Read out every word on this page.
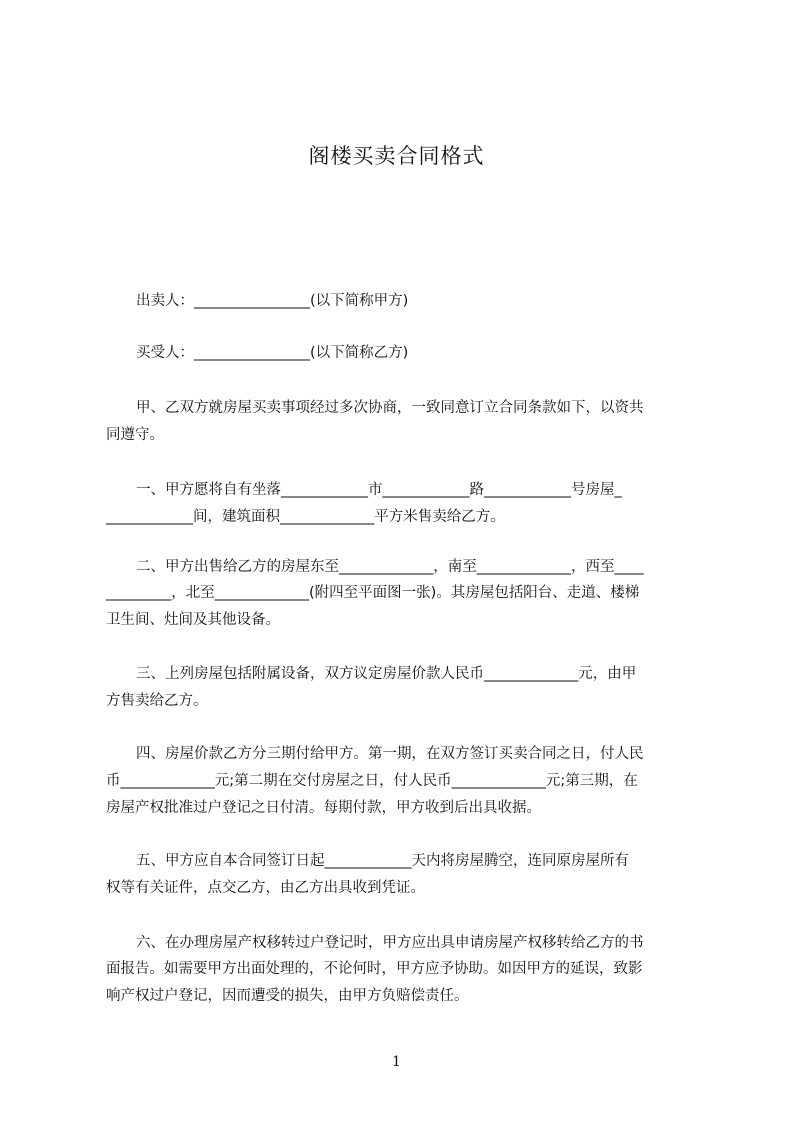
阁楼买卖合同格式
出卖人：________________(以下简称甲方)
买受人：________________(以下简称乙方)
甲、乙双方就房屋买卖事项经过多次协商，一致同意订立合同条款如下，以资共
同遵守。
一、甲方愿将自有坐落____________市____________路____________号房屋_
____________间，建筑面积_____________平方米售卖给乙方。
二、甲方出售给乙方的房屋东至_____________，南至_____________，西至____
_________，北至_____________(附四至平面图一张)。其房屋包括阳台、走道、楼梯
卫生间、灶间及其他设备。
三、上列房屋包括附属设备，双方议定房屋价款人民币_____________元，由甲
方售卖给乙方。
四、房屋价款乙方分三期付给甲方。第一期，在双方签订买卖合同之日，付人民
币_____________元;第二期在交付房屋之日，付人民币_____________元;第三期，在
房屋产权批准过户登记之日付清。每期付款，甲方收到后出具收据。
五、甲方应自本合同签订日起____________天内将房屋腾空，连同原房屋所有
权等有关证件，点交乙方，由乙方出具收到凭证。
六、在办理房屋产权移转过户登记时，甲方应出具申请房屋产权移转给乙方的书
面报告。如需要甲方出面处理的，不论何时，甲方应予协助。如因甲方的延误，致影
响产权过户登记，因而遭受的损失，由甲方负赔偿责任。
1
